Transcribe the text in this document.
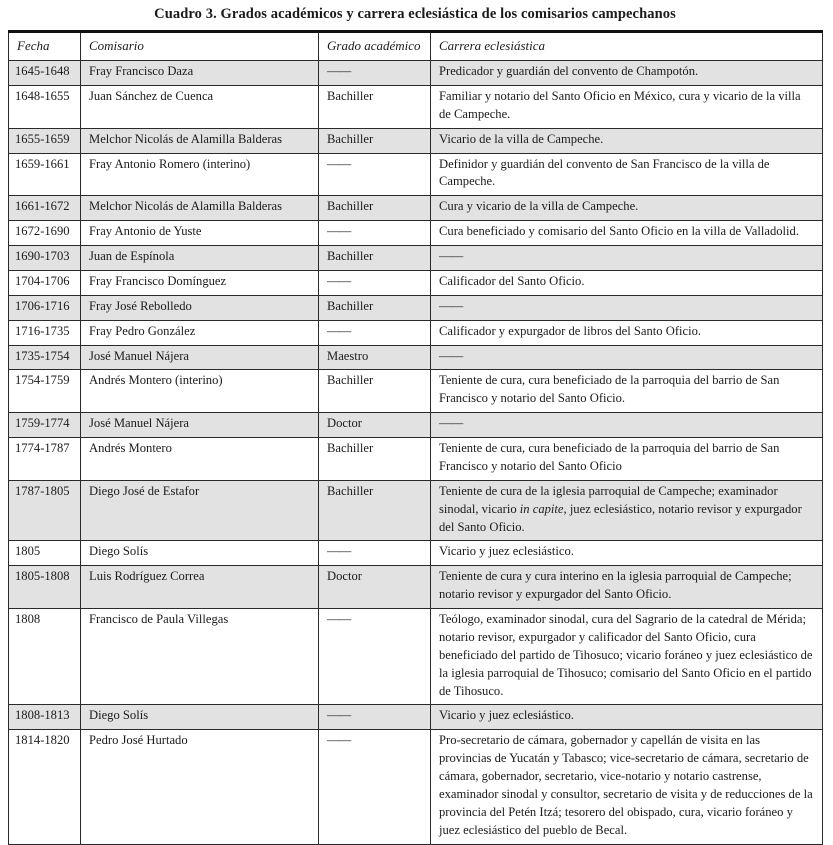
Cuadro 3. Grados académicos y carrera eclesiástica de los comisarios campechanos
Fecha	Comisario	Grado académico	Carrera eclesiástica
1645-1648	Fray Francisco Daza	——	Predicador y guardián del convento de Champotón.
1648-1655	Juan Sánchez de Cuenca	Bachiller	Familiar y notario del Santo Oficio en México, cura y vicario de la villa de Campeche.
1655-1659	Melchor Nicolás de Alamilla Balderas	Bachiller	Vicario de la villa de Campeche.
1659-1661	Fray Antonio Romero (interino)	——	Definidor y guardián del convento de San Francisco de la villa de Campeche.
1661-1672	Melchor Nicolás de Alamilla Balderas	Bachiller	Cura y vicario de la villa de Campeche.
1672-1690	Fray Antonio de Yuste	——	Cura beneficiado y comisario del Santo Oficio en la villa de Valladolid.
1690-1703	Juan de Espínola	Bachiller	——
1704-1706	Fray Francisco Domínguez	——	Calificador del Santo Oficio.
1706-1716	Fray José Rebolledo	Bachiller	——
1716-1735	Fray Pedro González	——	Calificador y expurgador de libros del Santo Oficio.
1735-1754	José Manuel Nájera	Maestro	——
1754-1759	Andrés Montero (interino)	Bachiller	Teniente de cura, cura beneficiado de la parroquia del barrio de San Francisco y notario del Santo Oficio.
1759-1774	José Manuel Nájera	Doctor	——
1774-1787	Andrés Montero	Bachiller	Teniente de cura, cura beneficiado de la parroquia del barrio de San Francisco y notario del Santo Oficio
1787-1805	Diego José de Estafor	Bachiller	Teniente de cura de la iglesia parroquial de Campeche; examinador sinodal, vicario in capite, juez eclesiástico, notario revisor y expurgador del Santo Oficio.
1805	Diego Solís	——	Vicario y juez eclesiástico.
1805-1808	Luis Rodríguez Correa	Doctor	Teniente de cura y cura interino en la iglesia parroquial de Campeche; notario revisor y expurgador del Santo Oficio.
1808	Francisco de Paula Villegas	——	Teólogo, examinador sinodal, cura del Sagrario de la catedral de Mérida; notario revisor, expurgador y calificador del Santo Oficio, cura beneficiado del partido de Tihosuco; vicario foráneo y juez eclesiástico de la iglesia parroquial de Tihosuco; comisario del Santo Oficio en el partido de Tihosuco.
1808-1813	Diego Solís	——	Vicario y juez eclesiástico.
1814-1820	Pedro José Hurtado	——	Pro-secretario de cámara, gobernador y capellán de visita en las provincias de Yucatán y Tabasco; vice-secretario de cámara, secretario de cámara, gobernador, secretario, vice-notario y notario castrense, examinador sinodal y consultor, secretario de visita y de reducciones de la provincia del Petén Itzá; tesorero del obispado, cura, vicario foráneo y juez eclesiástico del pueblo de Becal.
